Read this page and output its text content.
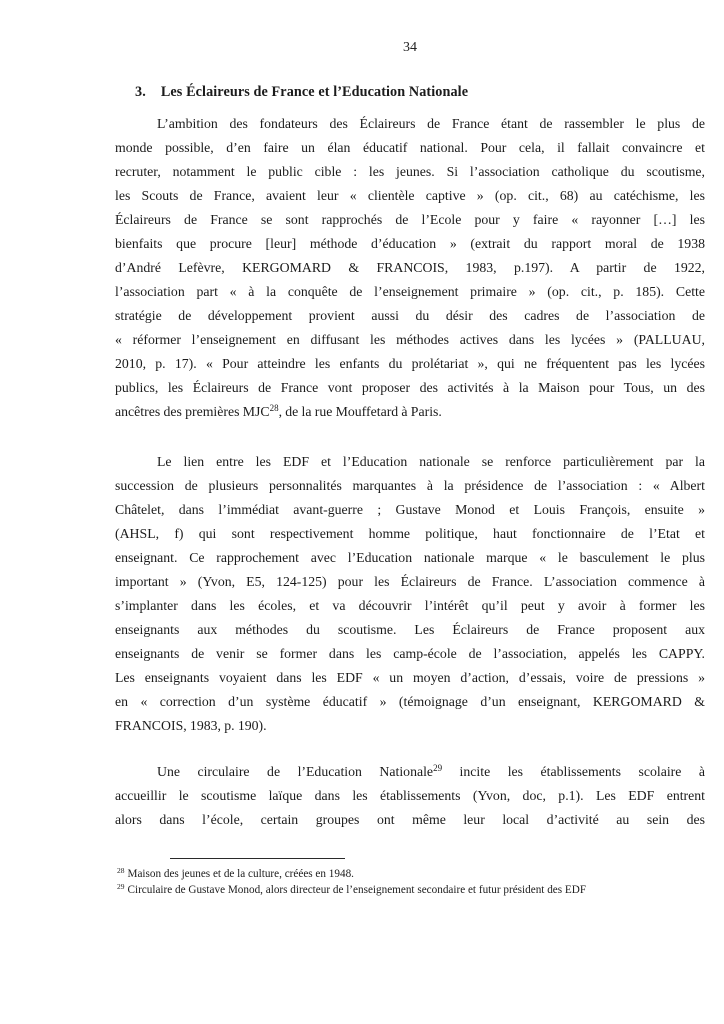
34
3. Les Éclaireurs de France et l’Education Nationale
L’ambition des fondateurs des Éclaireurs de France étant de rassembler le plus de
monde possible, d’en faire un élan éducatif national. Pour cela, il fallait convaincre et
recruter, notamment le public cible : les jeunes. Si l’association catholique du scoutisme,
les Scouts de France, avaient leur « clientèle captive » (op. cit., 68) au catéchisme, les
Éclaireurs de France se sont rapprochés de l’Ecole pour y faire « rayonner […] les
bienfaits que procure [leur] méthode d’éducation » (extrait du rapport moral de 1938
d’André Lefèvre, KERGOMARD & FRANCOIS, 1983, p.197). A partir de 1922,
l’association part « à la conquête de l’enseignement primaire » (op. cit., p. 185). Cette
stratégie de développement provient aussi du désir des cadres de l’association de
« réformer l’enseignement en diffusant les méthodes actives dans les lycées » (PALLUAU,
2010, p. 17). « Pour atteindre les enfants du prolétariat », qui ne fréquentent pas les lycées
publics, les Éclaireurs de France vont proposer des activités à la Maison pour Tous, un des
ancêtres des premières MJC$^{28}$, de la rue Mouffetard à Paris.
Le lien entre les EDF et l’Education nationale se renforce particulièrement par la
succession de plusieurs personnalités marquantes à la présidence de l’association : « Albert
Châtelet, dans l’immédiat avant-guerre ; Gustave Monod et Louis François, ensuite »
(AHSL, f) qui sont respectivement homme politique, haut fonctionnaire de l’Etat et
enseignant. Ce rapprochement avec l’Education nationale marque « le basculement le plus
important » (Yvon, E5, 124-125) pour les Éclaireurs de France. L’association commence à
s’implanter dans les écoles, et va découvrir l’intérêt qu’il peut y avoir à former les
enseignants aux méthodes du scoutisme. Les Éclaireurs de France proposent aux
enseignants de venir se former dans les camp-école de l’association, appelés les CAPPY.
Les enseignants voyaient dans les EDF « un moyen d’action, d’essais, voire de pressions »
en « correction d’un système éducatif » (témoignage d’un enseignant, KERGOMARD &
FRANCOIS, 1983, p. 190).
Une circulaire de l’Education Nationale$^{29}$ incite les établissements scolaire à
accueillir le scoutisme laïque dans les établissements (Yvon, doc, p.1). Les EDF entrent
alors dans l’école, certain groupes ont même leur local d’activité au sein des
$^{28}$ Maison des jeunes et de la culture, créées en 1948.
$^{29}$ Circulaire de Gustave Monod, alors directeur de l’enseignement secondaire et futur président des EDF
